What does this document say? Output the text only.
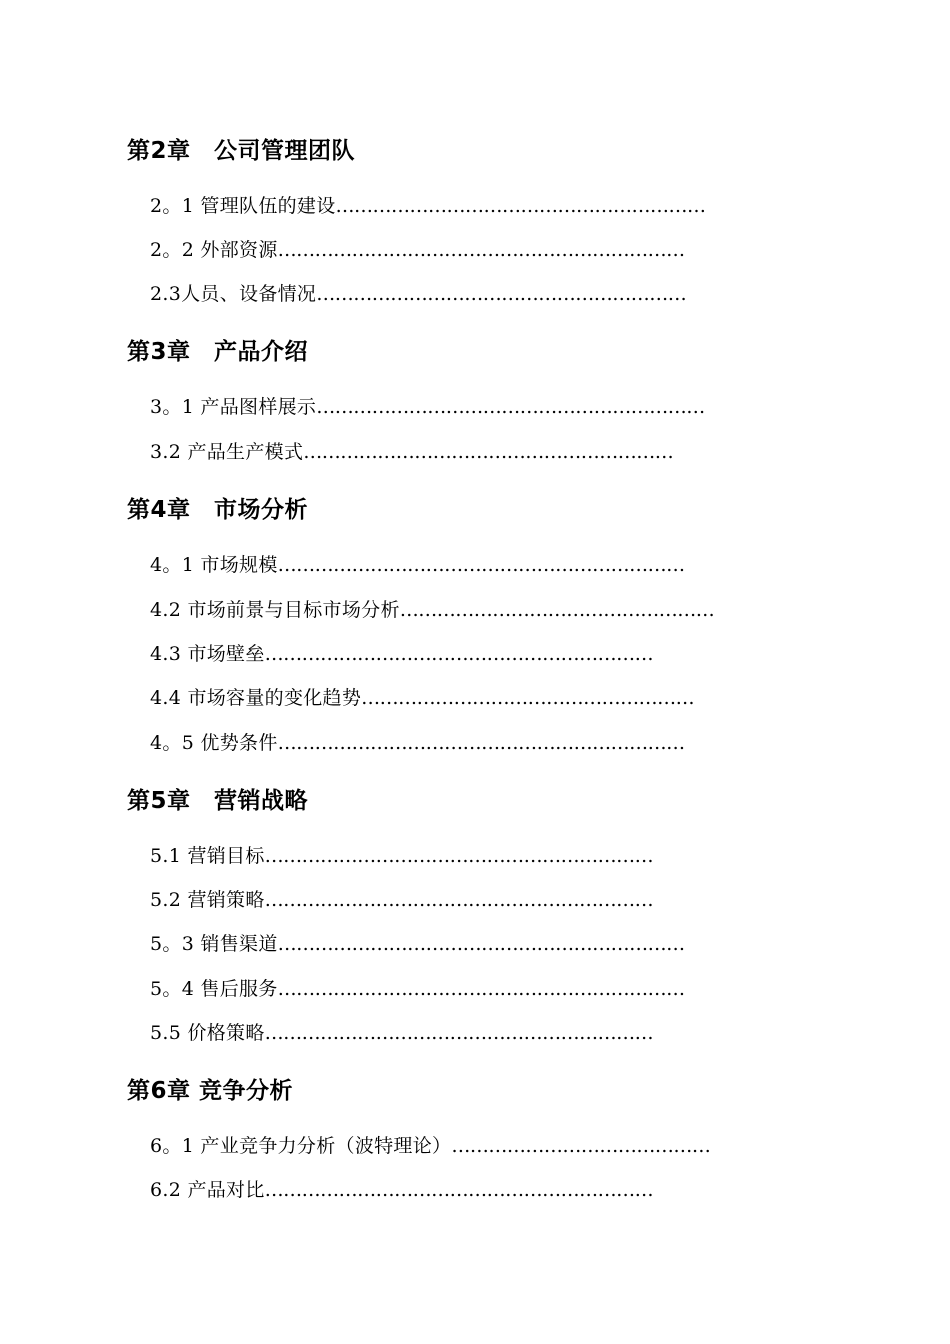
第2章　公司管理团队
2。1 管理队伍的建设……………………………………………………
2。2 外部资源…………………………………………………………
2.3人员、设备情况……………………………………………………
第3章　产品介绍
3。1 产品图样展示………………………………………………………
3.2 产品生产模式……………………………………………………
第4章　市场分析
4。1 市场规模…………………………………………………………
4.2 市场前景与目标市场分析……………………………………………
4.3 市场壁垒………………………………………………………
4.4 市场容量的变化趋势………………………………………………
4。5 优势条件…………………………………………………………
第5章　营销战略
5.1 营销目标………………………………………………………
5.2 营销策略………………………………………………………
5。3 销售渠道…………………………………………………………
5。4 售后服务…………………………………………………………
5.5 价格策略………………………………………………………
第6章 竞争分析
6。1 产业竞争力分析（波特理论）……………………………………
6.2 产品对比………………………………………………………
